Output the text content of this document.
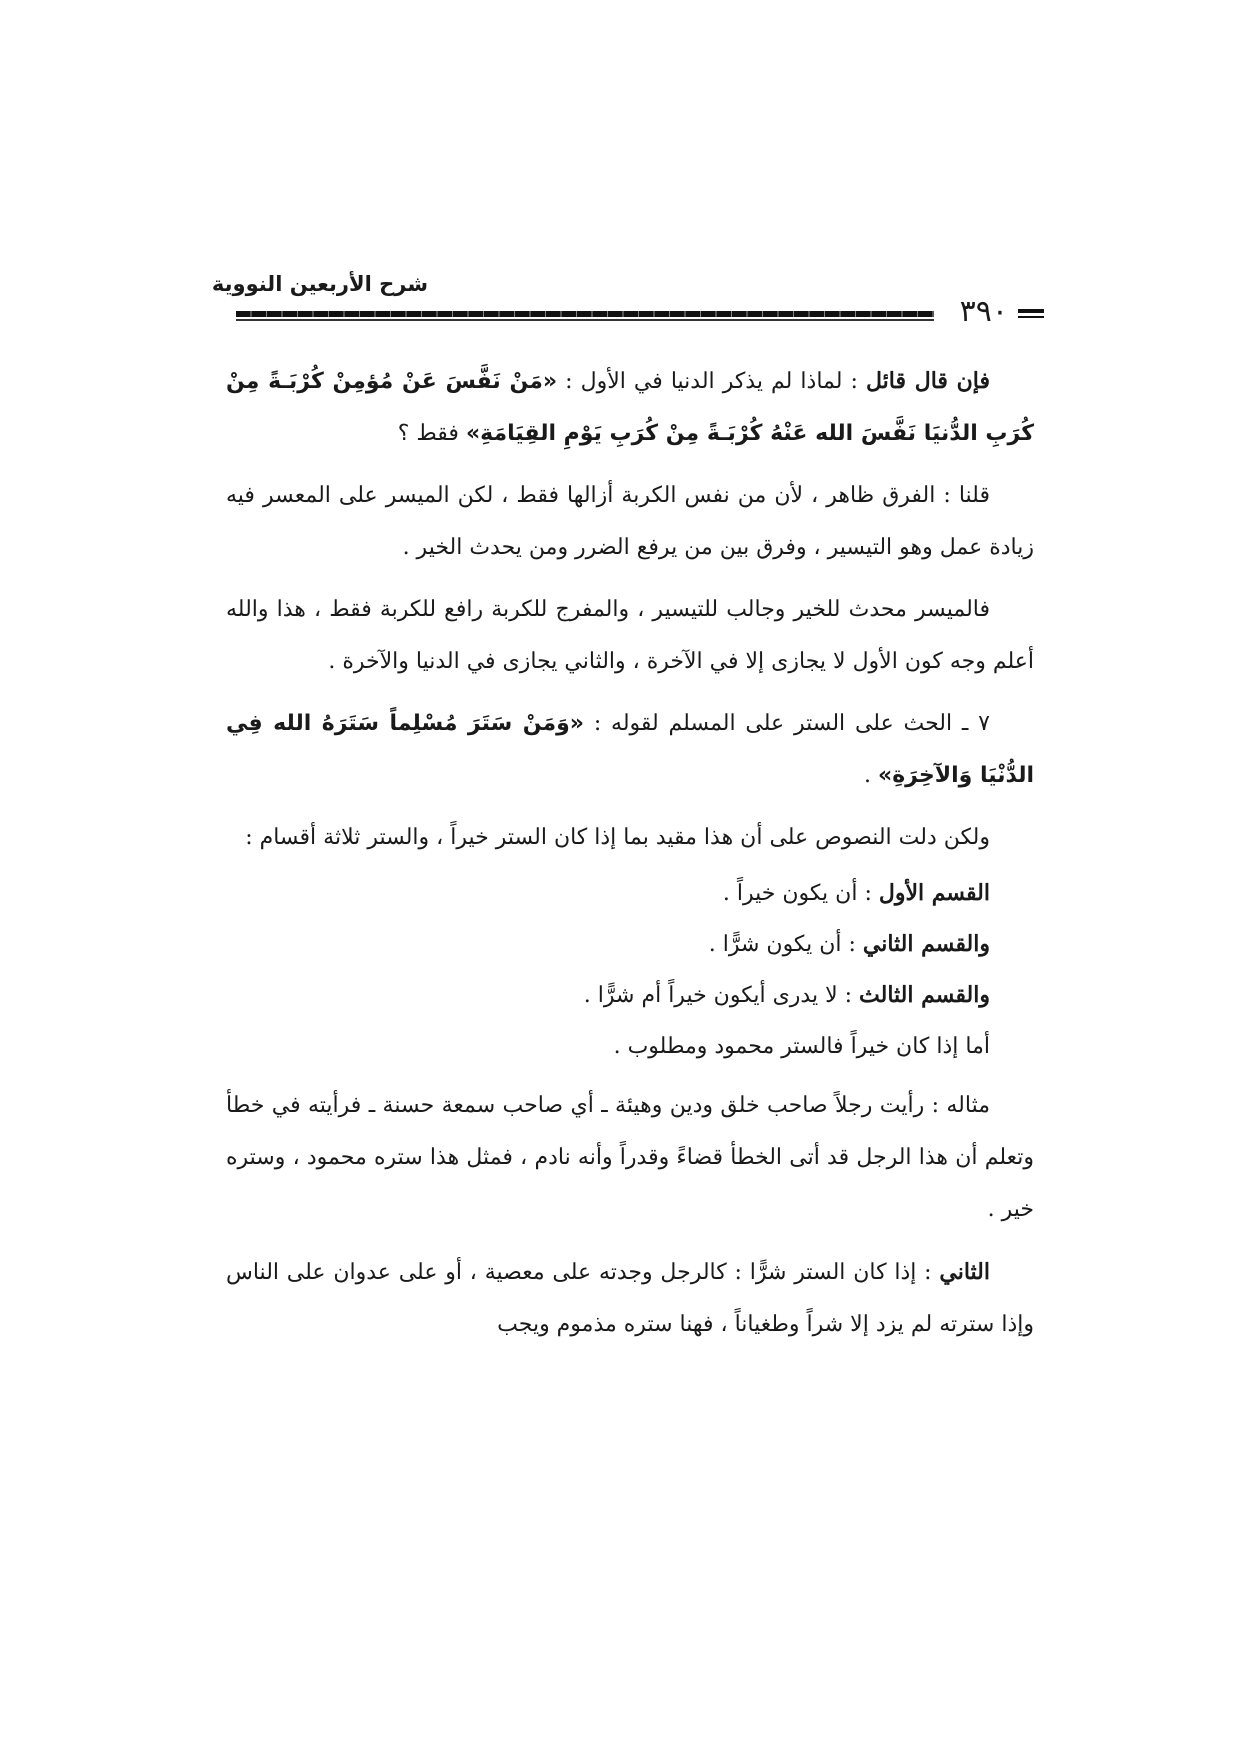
شرح الأربعين النووية
٣٩٠

فإن قال قائل : لماذا لم يذكر الدنيا في الأول : «مَنْ نَفَّسَ عَنْ مُؤمِنْ كُرْبَـةً مِنْ كُرَبِ الدُّنيَا نَفَّسَ الله عَنْهُ كُرْبَـةً مِنْ كُرَبِ يَوْمِ القِيَامَةِ» فقط ؟

قلنا : الفرق ظاهر ، لأن من نفس الكربة أزالها فقط ، لكن الميسر على المعسر فيه زيادة عمل وهو التيسير ، وفرق بين من يرفع الضرر ومن يحدث الخير .

فالميسر محدث للخير وجالب للتيسير ، والمفرج للكربة رافع للكربة فقط ، هذا والله أعلم وجه كون الأول لا يجازى إلا في الآخرة ، والثاني يجازى في الدنيا والآخرة .

٧ ـ الحث على الستر على المسلم لقوله : «وَمَنْ سَتَرَ مُسْلِماً سَتَرَهُ الله فِي الدُّنْيَا وَالآخِرَةِ» .

ولكن دلت النصوص على أن هذا مقيد بما إذا كان الستر خيراً ، والستر ثلاثة أقسام :

القسم الأول : أن يكون خيراً .
والقسم الثاني : أن يكون شرًّا .
والقسم الثالث : لا يدرى أيكون خيراً أم شرًّا .
أما إذا كان خيراً فالستر محمود ومطلوب .

مثاله : رأيت رجلاً صاحب خلق ودين وهيئة ـ أي صاحب سمعة حسنة ـ فرأيته في خطأ وتعلم أن هذا الرجل قد أتى الخطأ قضاءً وقدراً وأنه نادم ، فمثل هذا ستره محمود ، وستره خير .

الثاني : إذا كان الستر شرًّا : كالرجل وجدته على معصية ، أو على عدوان على الناس وإذا سترته لم يزد إلا شراً وطغياناً ، فهنا ستره مذموم ويجب
